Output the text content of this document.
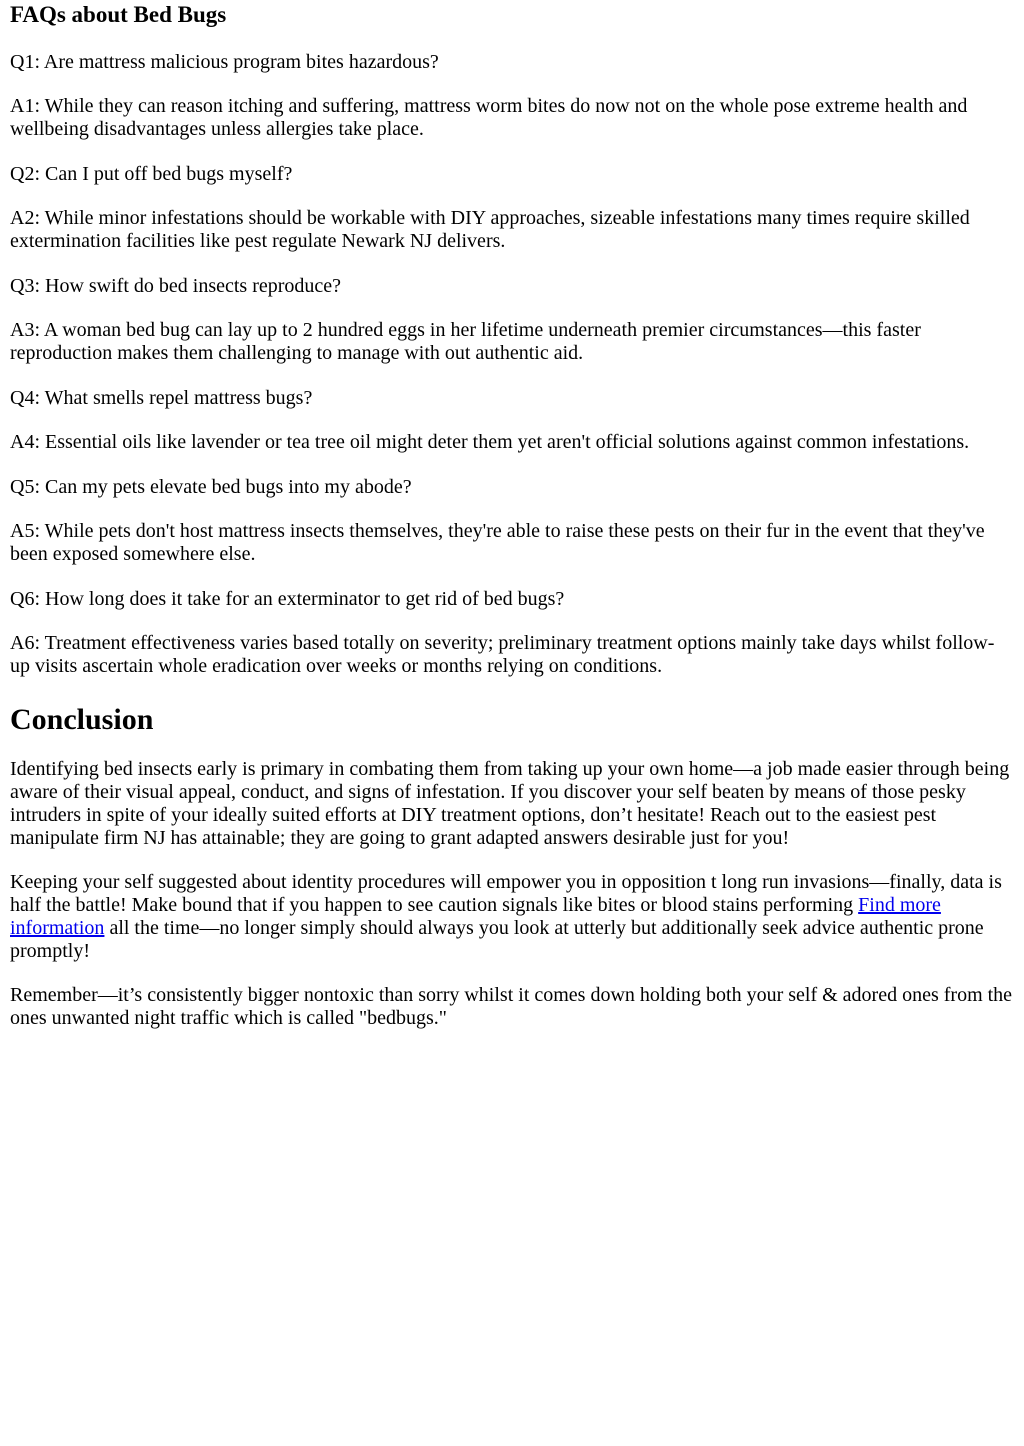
FAQs about Bed Bugs

Q1: Are mattress malicious program bites hazardous?

A1: While they can reason itching and suffering, mattress worm bites do now not on the whole pose extreme health and wellbeing disadvantages unless allergies take place.

Q2: Can I put off bed bugs myself?

A2: While minor infestations should be workable with DIY approaches, sizeable infestations many times require skilled extermination facilities like pest regulate Newark NJ delivers.

Q3: How swift do bed insects reproduce?

A3: A woman bed bug can lay up to 2 hundred eggs in her lifetime underneath premier circumstances—this faster reproduction makes them challenging to manage with out authentic aid.

Q4: What smells repel mattress bugs?

A4: Essential oils like lavender or tea tree oil might deter them yet aren't official solutions against common infestations.

Q5: Can my pets elevate bed bugs into my abode?

A5: While pets don't host mattress insects themselves, they're able to raise these pests on their fur in the event that they've been exposed somewhere else.

Q6: How long does it take for an exterminator to get rid of bed bugs?

A6: Treatment effectiveness varies based totally on severity; preliminary treatment options mainly take days whilst follow-up visits ascertain whole eradication over weeks or months relying on conditions.

Conclusion

Identifying bed insects early is primary in combating them from taking up your own home—a job made easier through being aware of their visual appeal, conduct, and signs of infestation. If you discover your self beaten by means of those pesky intruders in spite of your ideally suited efforts at DIY treatment options, don’t hesitate! Reach out to the easiest pest manipulate firm NJ has attainable; they are going to grant adapted answers desirable just for you!

Keeping your self suggested about identity procedures will empower you in opposition t long run invasions—finally, data is half the battle! Make bound that if you happen to see caution signals like bites or blood stains performing Find more information all the time—no longer simply should always you look at utterly but additionally seek advice authentic prone promptly!

Remember—it’s consistently bigger nontoxic than sorry whilst it comes down holding both your self & adored ones from the ones unwanted night traffic which is called "bedbugs."
